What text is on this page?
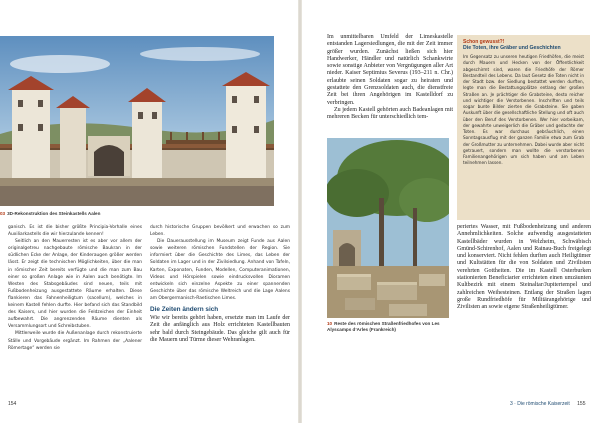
03 3D-Rekonstruktion des Steinkastells Aalen

ganisch. Es ist die bisher größte Principia-Vorhalle eines Auxiliarkastells die wir hierzulande kennen!

Seitlich an den Mauerresten ist es aber vor allem der originalgetreu nachgebaute römische Baukran in der südlichen Ecke der Anlage, der Kinderaugen größer werden lässt. Er zeigt die technischen Möglichkeiten, über die man in römischer Zeit bereits verfügte und die man zum Bau einer so großen Anlage wie in Aalen auch benötigte. Im Westen des Stabsgebäudes sind neuen, teils mit Fußbodenheizung ausgestattete Räume erhalten. Diese flankieren das Fahnenheiligtum (sacellum), welches in keinem Kastell fehlen durfte. Hier befand sich das Standbild des Kaisers, und hier wurden die Feldzeichen der Einheit aufbewahrt. Die angrenzenden Räume dienten als Versammlungsort und Schreibstuben.

Mittlerweile wurde die Außenanlage durch rekonstruierte Ställe und Vorgebäude ergänzt. Im Rahmen der „Aalener Römertage“ werden sie

durch historische Gruppen bevölkert und erwachen so zum Leben.

Die Dauerausstellung im Museum zeigt Funde aus Aalen sowie weiteren römischen Fundstellen der Region. Sie informiert über die Geschichte des Limes, das Leben der Soldaten im Lager und in der Zivilsiedlung. Anhand von Tafeln, Karten, Exponaten, Funden, Modellen, Computeranimationen, Videos und Hörspielen sowie eindrucksvollen Dioramen entwickeln sich einzelne Aspekte zu einer spannenden Geschichte über das römische Weltreich und die Lage Aalens am Obergermanisch-Raetischen Limes.

Die Zeiten ändern sich

Wie wir bereits gehört haben, ersetzte man im Laufe der Zeit die anfänglich aus Holz errichteten Kastellbauten sehr bald durch Steingebäude. Das gleiche gilt auch für die Mauern und Türme dieser Wehranlagen.

154

Im unmittelbaren Umfeld der Limeskastelle entstanden Lagersiedlungen, die mit der Zeit immer größer wurden. Zunächst ließen sich hier Handwerker, Händler und natürlich Schankwirte sowie sonstige Anbieter von Vergnügungen aller Art nieder. Kaiser Septimius Severus (193–211 n. Chr.) erlaubte seinen Soldaten sogar zu heiraten und gestattete den Grenzsoldaten auch, die dienstfreie Zeit bei ihren Angehörigen im Kastelldorf zu verbringen.

Zu jedem Kastell gehörten auch Badeanlagen mit mehreren Becken für unterschiedlich tem-

10 Reste des römischen Straßenfriedhofes von Les Alyscamps d’Arles (Frankreich)

periertes Wasser, mit Fußbodenheizung und anderen Annehmlichkeiten. Solche aufwendig ausgestatteten Kastellbäder wurden in Welzheim, Schwäbisch Gmünd-Schirenhof, Aalen und Rainau-Buch freigelegt und konserviert. Nicht fehlen durften auch Heiligtümer und Kultstätten für die von Soldaten und Zivilisten verehrten Gottheiten. Die im Kastell Osterburken stationierten Beneficiarier errichteten einen umzäunten Kultbezirk mit einem Steinaltar/Jupitertempel und zahlreichen Weihesteinen. Entlang der Straßen lagen große Rundfriedhöfe für Militärangehörige und Zivilisten an sowie eigene Straßenheiligtümer.

Schon gewusst?!
Die Toten, ihre Gräber und Geschichten
Im Gegensatz zu unseren heutigen Friedhöfen, die meist durch Mauern und Hecken von der Öffentlichkeit abgeschirmt sind, waren die Friedhöfe der Römer Bestandteil des Lebens. Da laut Gesetz die Toten nicht in der Stadt bzw. der Siedlung bestattet werden durften, legte man die Bestattungsplätze entlang der großen Straßen an. Je prächtiger die Grabsteine, desto reicher und wichtiger die Verstorbenen. Inschriften und teils sogar bunte Bilder zierten die Grabsteine. Sie gaben Auskunft über die gesellschaftliche Stellung und oft auch über den Beruf des Verstorbenen. Wer hier vorbeikam, der gewahrte unweigerlich die Gräber und gedachte der Toten. Es war durchaus gebräuchlich, einen Sonntagsausflug mit der ganzen Familie etwa zum Grab der Großmutter zu unternehmen. Dabei wurde aber nicht getrauert, sondern man wollte die verstorbenen Familienangehörigen um sich haben und am Leben teilnehmen lassen.
3 · Die römische Kaiserzeit 155
